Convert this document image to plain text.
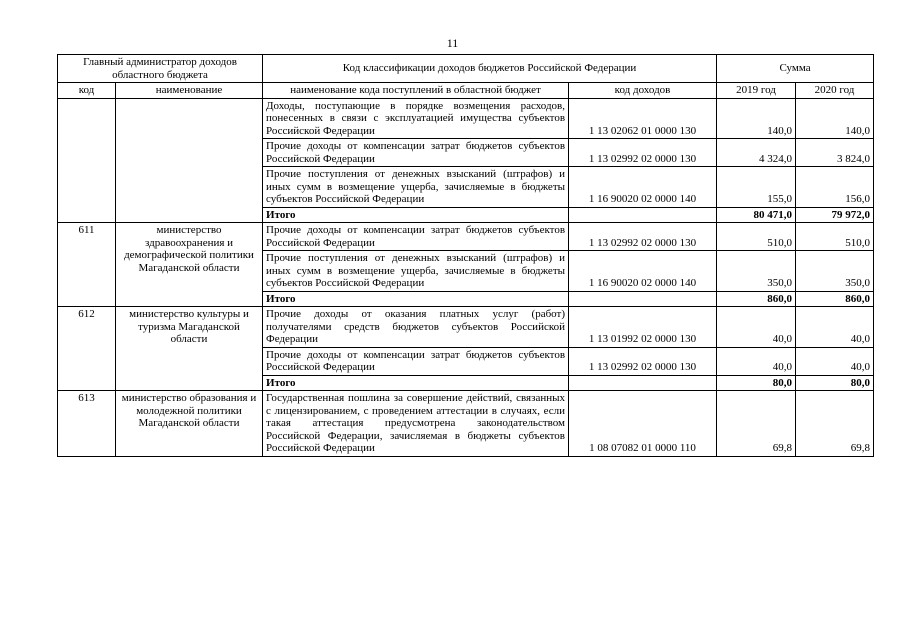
11
Главный администратор доходов областного бюджета		Код классификации доходов бюджетов Российской Федерации		Сумма	
код	наименование	наименование кода поступлений в областной бюджет	код доходов	2019 год	2020 год
		Доходы, поступающие в порядке возмещения расходов, понесенных в связи с эксплуатацией имущества субъектов Российской Федерации	1 13 02062 01 0000 130	140,0	140,0
		Прочие доходы от компенсации затрат бюджетов субъектов Российской Федерации	1 13 02992 02 0000 130	4 324,0	3 824,0
		Прочие поступления от денежных взысканий (штрафов) и иных сумм в возмещение ущерба, зачисляемые в бюджеты субъектов Российской Федерации	1 16 90020 02 0000 140	155,0	156,0
		Итого		80 471,0	79 972,0
611	министерство здравоохранения и демографической политики Магаданской области	Прочие доходы от компенсации затрат бюджетов субъектов Российской Федерации	1 13 02992 02 0000 130	510,0	510,0
		Прочие поступления от денежных взысканий (штрафов) и иных сумм в возмещение ущерба, зачисляемые в бюджеты субъектов Российской Федерации	1 16 90020 02 0000 140	350,0	350,0
		Итого		860,0	860,0
612	министерство культуры и туризма Магаданской области	Прочие доходы от оказания платных услуг (работ) получателями средств бюджетов субъектов Российской Федерации	1 13 01992 02 0000 130	40,0	40,0
		Прочие доходы от компенсации затрат бюджетов субъектов Российской Федерации	1 13 02992 02 0000 130	40,0	40,0
		Итого		80,0	80,0
613	министерство образования и молодежной политики Магаданской области	Государственная пошлина за совершение действий, связанных с лицензированием, с проведением аттестации в случаях, если такая аттестация предусмотрена законодательством Российской Федерации, зачисляемая в бюджеты субъектов Российской Федерации	1 08 07082 01 0000 110	69,8	69,8
